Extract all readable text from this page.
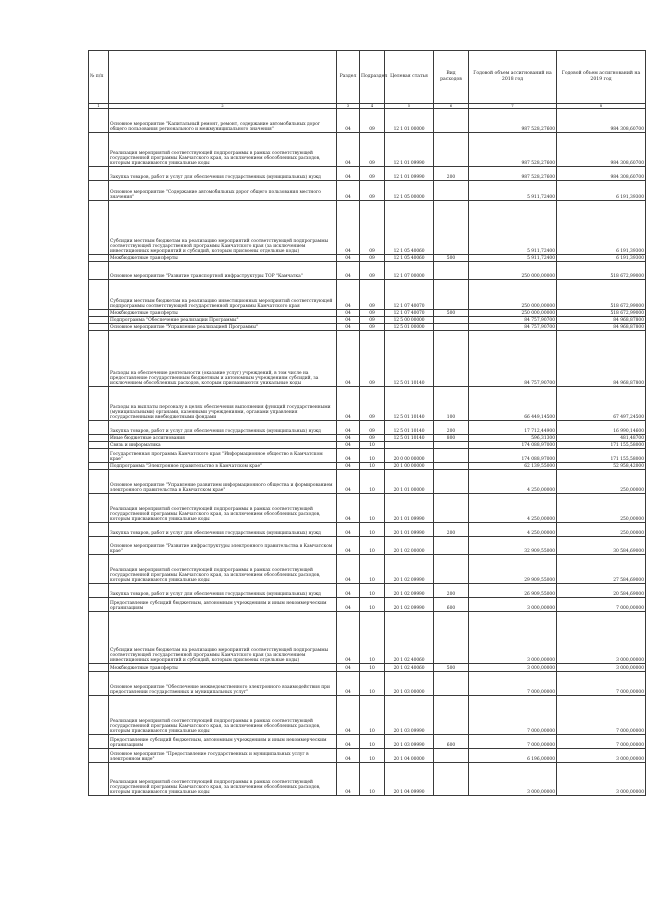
№ п/п		Раздел	Подраздел	Целевая статья	Вид расходов	Годовой объем ассигнований на 2018 год	Годовой объем ассигнований на 2019 год
1	2	3	4	5	6	7	8
	Основное мероприятие "Капитальный ремонт, ремонт, содержание автомобильных дорог общего пользования регионального и межмуниципального значения"	04	09	12 1 01 00000		987 528,27600	984 308,60700
	Реализация мероприятий соответствующей подпрограммы в рамках соответствующей государственной программы Камчатского края, за исключением обособленных расходов, которым присваиваются уникальные коды	04	09	12 1 01 09990		987 528,27600	984 308,60700
	Закупка товаров, работ и услуг для обеспечения государственных (муниципальных) нужд	04	09	12 1 01 09990	200	987 528,27600	984 308,60700
	Основное мероприятие "Содержание автомобильных дорог общего пользования местного значения"	04	09	12 1 05 00000		5 911,72400	6 191,39300
	Субсидии местным бюджетам на реализацию мероприятий соответствующей подпрограммы соответствующей государственной программы Камчатского края (за исключением инвестиционных мероприятий и субсидий, которым присвоены отдельные коды)	04	09	12 1 05 40060		5 911,72400	6 191,39300
	Межбюджетные трансферты	04	09	12 1 05 40060	500	5 911,72400	6 191,39300
	Основное мероприятие "Развитие транспортной инфраструктуры ТОР "Камчатка"	04	09	12 1 07 00000		250 000,00000	518 672,99000
	Субсидии местным бюджетам на реализацию инвестиционных мероприятий соответствующей подпрограммы соответствующей государственной программы Камчатского края	04	09	12 1 07 40070		250 000,00000	518 672,99000
	Межбюджетные трансферты	04	09	12 1 07 40070	500	250 000,00000	518 672,99000
	Подпрограмма "Обеспечение реализации Программы"	04	09	12 5 00 00000		84 757,90700	84 968,87800
	Основное мероприятие "Управление реализацией Программы"	04	09	12 5 01 00000		84 757,90700	84 968,87800
	Расходы на обеспечение деятельности (оказание услуг) учреждений, в том числе на предоставление государственным бюджетным и автономным учреждениям субсидий, за исключением обособленных расходов, которым присваиваются уникальные коды	04	09	12 5 01 10140		84 757,90700	84 968,87800
	Расходы на выплаты персоналу в целях обеспечения выполнения функций государственными (муниципальными) органами, казенными учреждениями, органами управления государственными внебюджетными фондами	04	09	12 5 01 10140	100	66 449,14500	67 497,24500
	Закупка товаров, работ и услуг для обеспечения государственных (муниципальных) нужд	04	09	12 5 01 10140	200	17 712,44900	16 990,14600
	Иные бюджетные ассигнования	04	09	12 5 01 10140	800	596,31300	481,48700
	Связь и информатика	04	10			174 088,97000	171 155,58000
	Государственная программа Камчатского края "Информационное общество в Камчатском крае"	04	10	20 0 00 00000		174 088,97000	171 155,58000
	Подпрограмма "Электронное правительство в Камчатском крае"	04	10	20 1 00 00000		62 139,55000	52 958,42000
	Основное мероприятие "Управление развитием информационного общества и формированием электронного правительства в Камчатском крае"	04	10	20 1 01 00000		4 250,00000	250,00000
	Реализация мероприятий соответствующей подпрограммы в рамках соответствующей государственной программы Камчатского края, за исключением обособленных расходов, которым присваиваются уникальные коды	04	10	20 1 01 09990		4 250,00000	250,00000
	Закупка товаров, работ и услуг для обеспечения государственных (муниципальных) нужд	04	10	20 1 01 09990	200	4 250,00000	250,00000
	Основное мероприятие "Развитие инфраструктуры электронного правительства в Камчатском крае"	04	10	20 1 02 00000		32 909,55000	30 584,69000
	Реализация мероприятий соответствующей подпрограммы в рамках соответствующей государственной программы Камчатского края, за исключением обособленных расходов, которым присваиваются уникальные коды	04	10	20 1 02 09990		29 909,55000	27 584,69000
	Закупка товаров, работ и услуг для обеспечения государственных (муниципальных) нужд	04	10	20 1 02 09990	200	26 909,55000	20 584,69000
	Предоставление субсидий бюджетным, автономным учреждениям и иным некоммерческим организациям	04	10	20 1 02 09990	600	3 000,00000	7 000,00000
	Субсидии местным бюджетам на реализацию мероприятий соответствующей подпрограммы соответствующей государственной программы Камчатского края (за исключением инвестиционных мероприятий и субсидий, которым присвоены отдельные коды)	04	10	20 1 02 40060		3 000,00000	3 000,00000
	Межбюджетные трансферты	04	10	20 1 02 40060	500	3 000,00000	3 000,00000
	Основное мероприятие "Обеспечение межведомственного электронного взаимодействия при предоставлении государственных и муниципальных услуг"	04	10	20 1 03 00000		7 000,00000	7 000,00000
	Реализация мероприятий соответствующей подпрограммы в рамках соответствующей государственной программы Камчатского края, за исключением обособленных расходов, которым присваиваются уникальные коды	04	10	20 1 03 09990		7 000,00000	7 000,00000
	Предоставление субсидий бюджетным, автономным учреждениям и иным некоммерческим организациям	04	10	20 1 03 09990	600	7 000,00000	7 000,00000
	Основное мероприятие "Предоставление государственных и муниципальных услуг в электронном виде"	04	10	20 1 04 00000		6 196,00000	3 000,00000
	Реализация мероприятий соответствующей подпрограммы в рамках соответствующей государственной программы Камчатского края, за исключением обособленных расходов, которым присваиваются уникальные коды	04	10	20 1 04 09990		3 000,00000	3 000,00000
